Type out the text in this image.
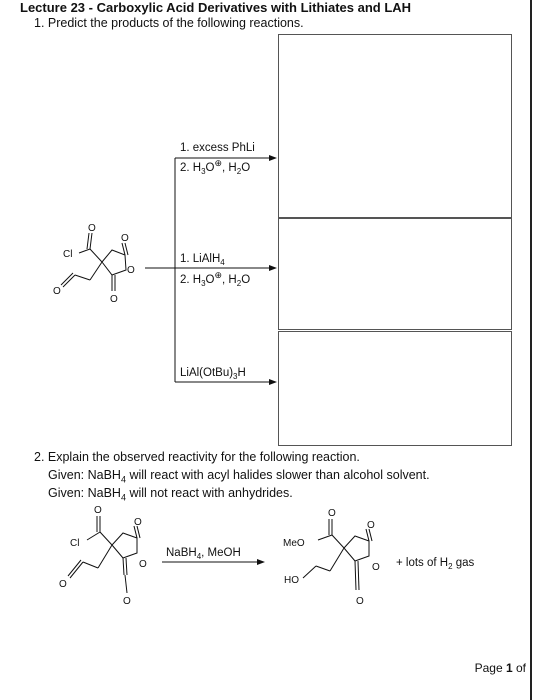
Lecture 23 - Carboxylic Acid Derivatives with Lithiates and LAH
1. Predict the products of the following reactions.
1. excess PhLi
2. $H_3O^\oplus$, $H_2O$
1. LiAlH$_4$
2. $H_3O^\oplus$, $H_2O$
$LiAl(OtBu)_3H$
Cl
O
O
O
O
O
Cl
O
O
O
O
O
NaBH$_4$, MeOH
O
MeO
O
O
O
HO
+ lots of $H_2$ gas
2. Explain the observed reactivity for the following reaction.
Given: NaBH$_4$ will react with acyl halides slower than alcohol solvent.
Given: NaBH$_4$ will not react with anhydrides.
Page 1 of
